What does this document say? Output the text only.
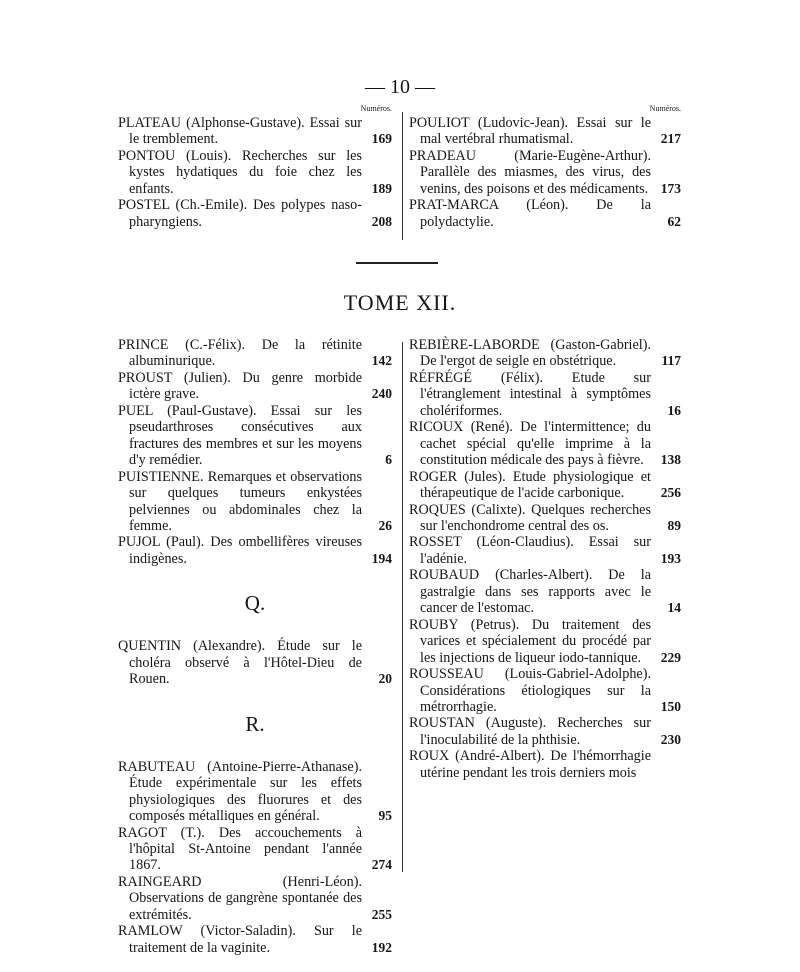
— 10 —
Numéros.
PLATEAU (Alphonse-Gustave). Essai sur le tremblement.	169
PONTOU (Louis). Recherches sur les kystes hydatiques du foie chez les enfants.	189
POSTEL (Ch.-Emile). Des polypes naso-pharyngiens.	208
Numéros.
POULIOT (Ludovic-Jean). Essai sur le mal vertébral rhumatismal.	217
PRADEAU (Marie-Eugène-Arthur). Parallèle des miasmes, des virus, des venins, des poisons et des médicaments. 173
PRAT-MARCA (Léon). De la polydactylie.	62
TOME XII.
PRINCE (C.-Félix). De la rétinite albuminurique.	142
PROUST (Julien). Du genre morbide ictère grave.	240
PUEL (Paul-Gustave). Essai sur les pseudarthroses consécutives aux fractures des membres et sur les moyens d'y remédier.	6
PUISTIENNE. Remarques et observations sur quelques tumeurs enkystées pelviennes ou abdominales chez la femme.	26
PUJOL (Paul). Des ombellifères vireuses indigènes.	194
Q.
QUENTIN (Alexandre). Étude sur le choléra observé à l'Hôtel-Dieu de Rouen.	20
R.
RABUTEAU (Antoine-Pierre-Athanase). Étude expérimentale sur les effets physiologiques des fluorures et des composés métalliques en général.	95
RAGOT (T.). Des accouchements à l'hôpital St-Antoine pendant l'année 1867.	274
RAINGEARD (Henri-Léon). Observations de gangrène spontanée des extrémités.	255
RAMLOW (Victor-Saladin). Sur le traitement de la vaginite.	192
REBIÈRE-LABORDE (Gaston-Gabriel). De l'ergot de seigle en obstétrique.	117
RÉFRÉGÉ (Félix). Etude sur l'étranglement intestinal à symptômes cholériformes.	16
RICOUX (René). De l'intermittence; du cachet spécial qu'elle imprime à la constitution médicale des pays à fièvre.	138
ROGER (Jules). Etude physiologique et thérapeutique de l'acide carbonique.	256
ROQUES (Calixte). Quelques recherches sur l'enchondrome central des os.	89
ROSSET (Léon-Claudius). Essai sur l'adénie.	193
ROUBAUD (Charles-Albert). De la gastralgie dans ses rapports avec le cancer de l'estomac.	14
ROUBY (Petrus). Du traitement des varices et spécialement du procédé par les injections de liqueur iodo-tannique.	229
ROUSSEAU (Louis-Gabriel-Adolphe). Considérations étiologiques sur la métrorrhagie.	150
ROUSTAN (Auguste). Recherches sur l'inoculabilité de la phthisie.	230
ROUX (André-Albert). De l'hémorrhagie utérine pendant les trois derniers mois
